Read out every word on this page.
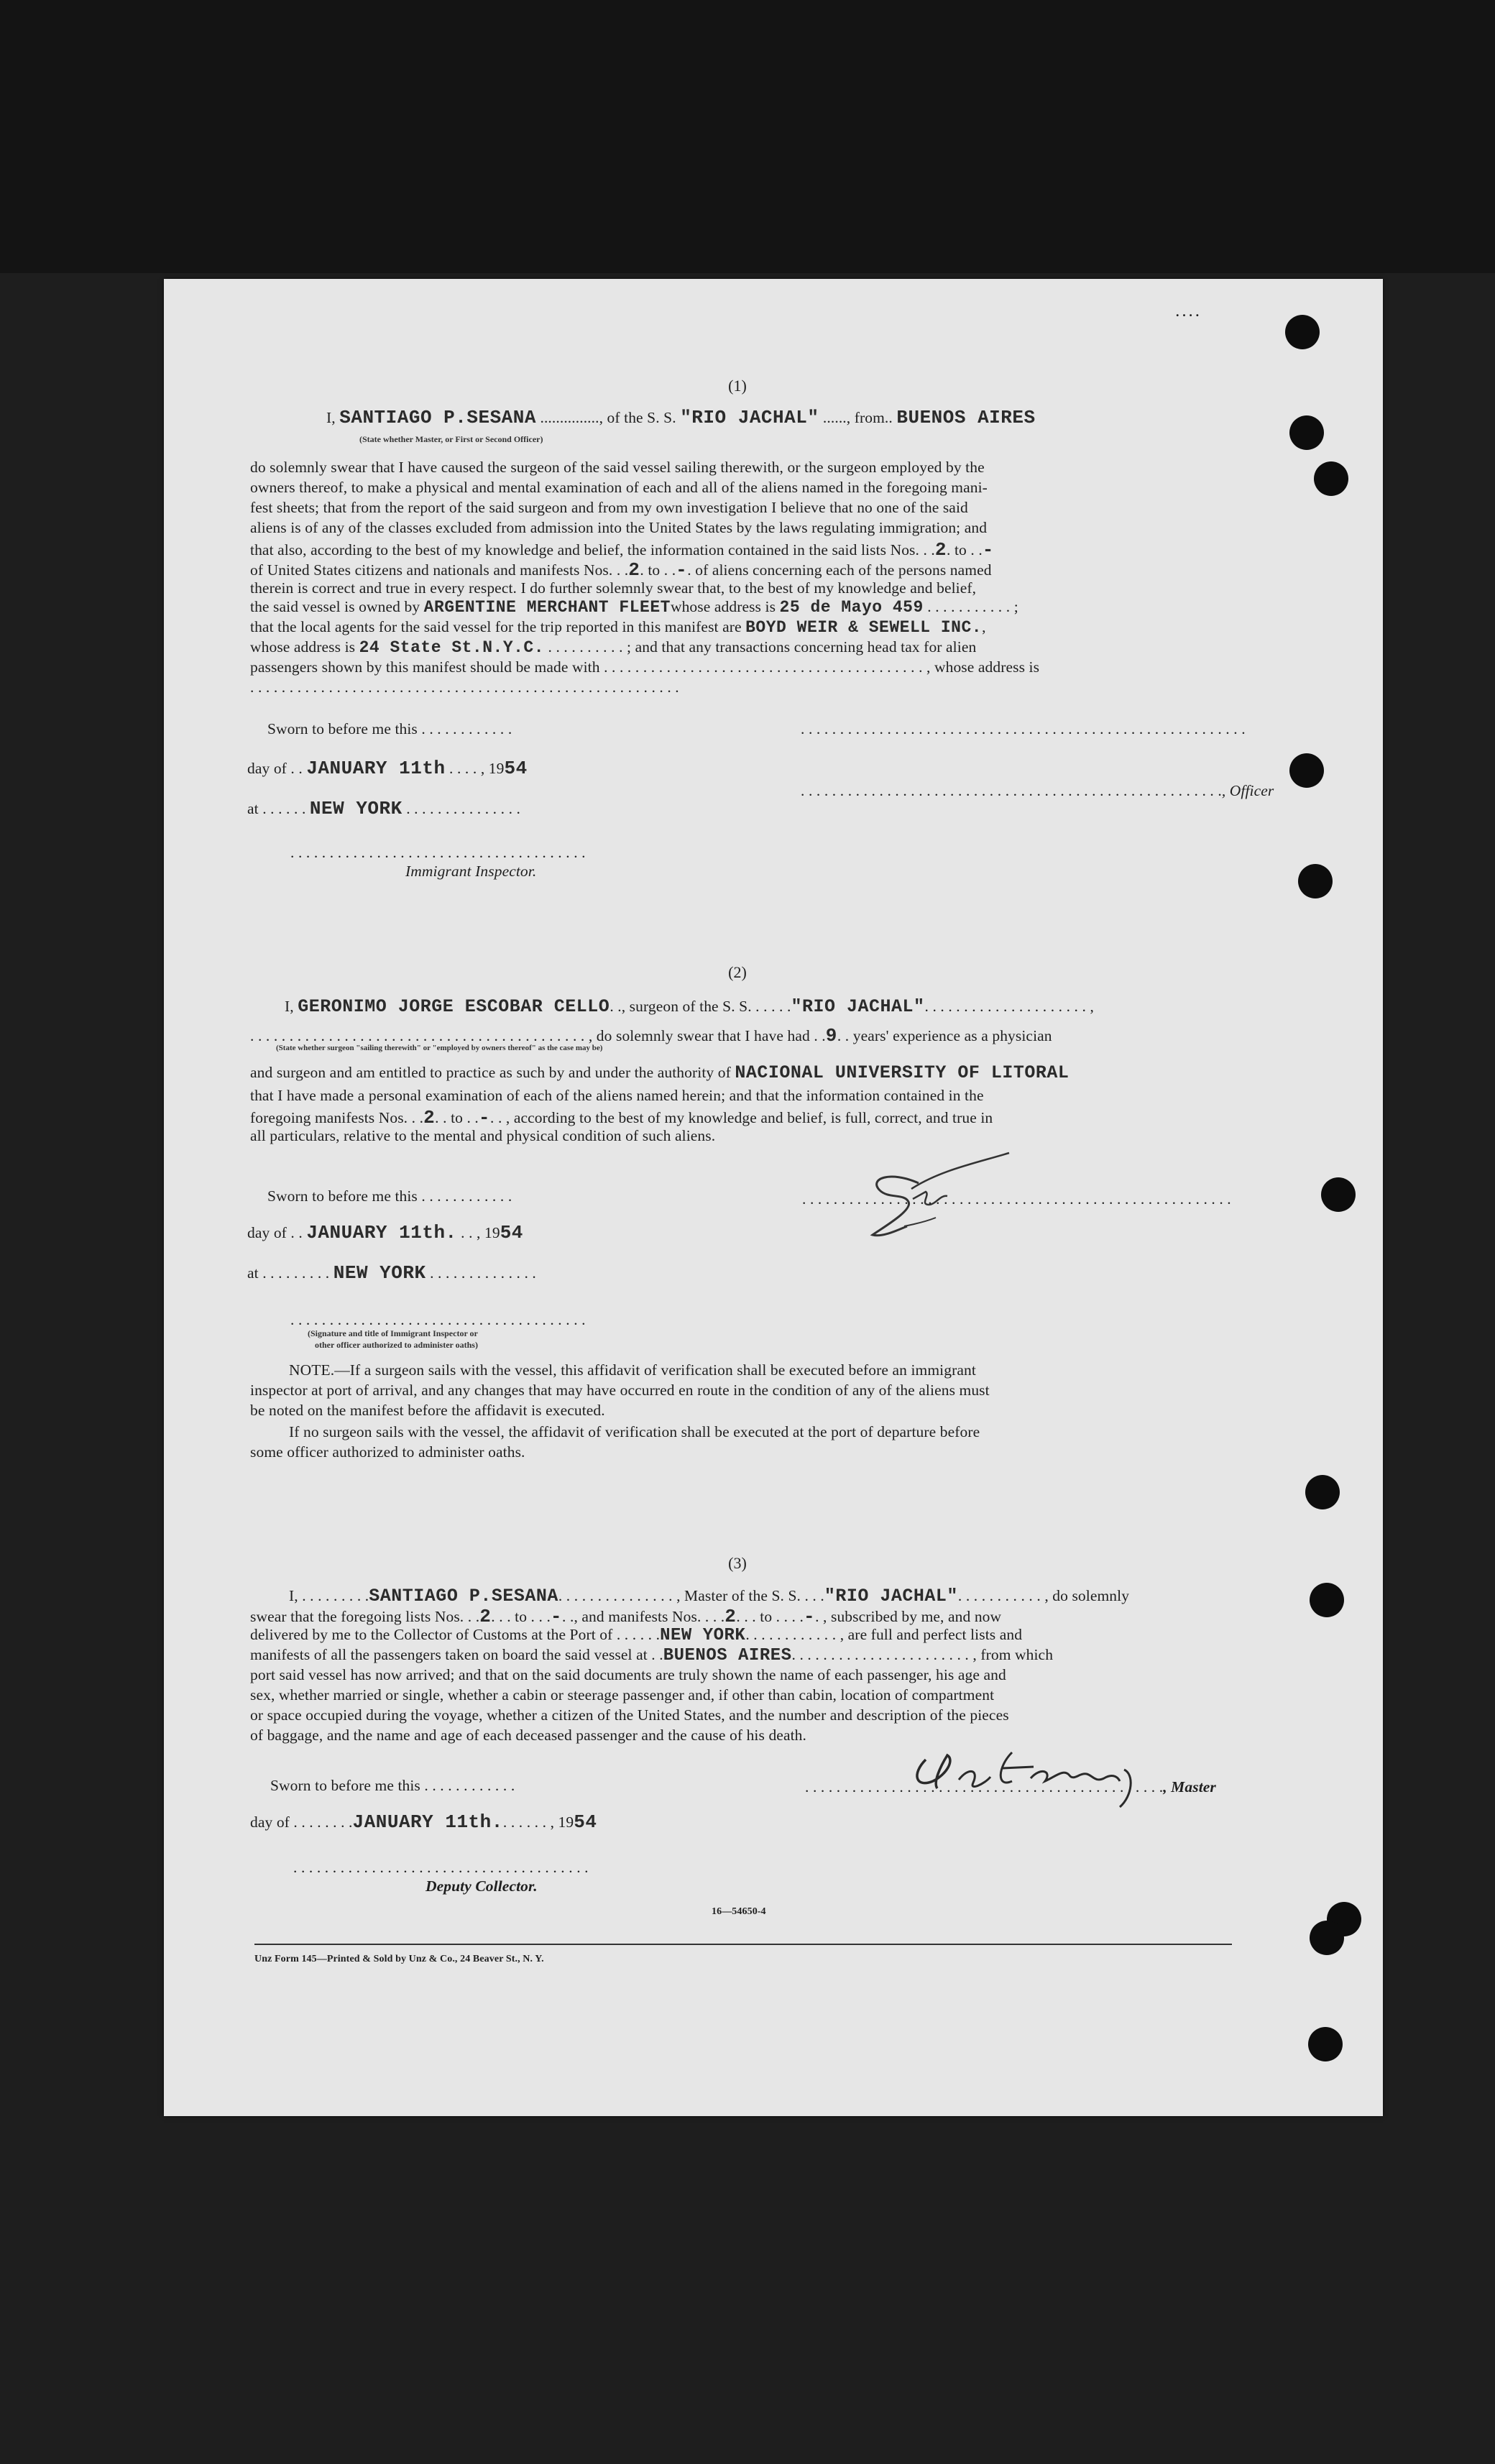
. . . .
(1)
I, SANTIAGO P.SESANA ..............., of the S. S. "RIO JACHAL" ......, from.. BUENOS AIRES
(State whether Master, or First or Second Officer)
do solemnly swear that I have caused the surgeon of the said vessel sailing therewith, or the surgeon employed by the
owners thereof, to make a physical and mental examination of each and all of the aliens named in the foregoing mani-
fest sheets; that from the report of the said surgeon and from my own investigation I believe that no one of the said
aliens is of any of the classes excluded from admission into the United States by the laws regulating immigration; and
that also, according to the best of my knowledge and belief, the information contained in the said lists Nos. . .2. to . .-
of United States citizens and nationals and manifests Nos. . .2. to . .-. of aliens concerning each of the persons named
therein is correct and true in every respect. I do further solemnly swear that, to the best of my knowledge and belief,
the said vessel is owned by ARGENTINE MERCHANT FLEETwhose address is 25 de Mayo 459 . . . . . . . . . . . ;
that the local agents for the said vessel for the trip reported in this manifest are BOYD WEIR & SEWELL INC.,
whose address is 24 State St.N.Y.C. . . . . . . . . . . ; and that any transactions concerning head tax for alien
passengers shown by this manifest should be made with . . . . . . . . . . . . . . . . . . . . . . . . . . . . . . . . . . . . . . . . . , whose address is
. . . . . . . . . . . . . . . . . . . . . . . . . . . . . . . . . . . . . . . . . . . . . . . . . . . . . . .
Sworn to before me this . . . . . . . . . . . .
day of . . JANUARY 11th . . . . , 1954
at . . . . . . NEW YORK . . . . . . . . . . . . . . .
. . . . . . . . . . . . . . . . . . . . . . . . . . . . . . . . . . . . . .
Immigrant Inspector.
. . . . . . . . . . . . . . . . . . . . . . . . . . . . . . . . . . . . . . . . . . . . . . . . . . . . . . . . .
. . . . . . . . . . . . . . . . . . . . . . . . . . . . . . . . . . . . . . . . . . . . . . . . . . . . . ., Officer
(2)
I, GERONIMO JORGE ESCOBAR CELLO. ., surgeon of the S. S. . . . . ."RIO JACHAL". . . . . . . . . . . . . . . . . . . . . ,
. . . . . . . . . . . . . . . . . . . . . . . . . . . . . . . . . . . . . . . . . . . , do solemnly swear that I have had . .9. . years' experience as a physician
(State whether surgeon "sailing therewith" or "employed by owners thereof" as the case may be)
and surgeon and am entitled to practice as such by and under the authority of NACIONAL UNIVERSITY OF LITORAL
that I have made a personal examination of each of the aliens named herein; and that the information contained in the
foregoing manifests Nos. . .2. . to . .-. . , according to the best of my knowledge and belief, is full, correct, and true in
all particulars, relative to the mental and physical condition of such aliens.
Sworn to before me this . . . . . . . . . . . .
day of . . JANUARY 11th. . . , 1954
at . . . . . . . . . NEW YORK . . . . . . . . . . . . . .
. . . . . . . . . . . . . . . . . . . . . . . . . . . . . . . . . . . . . .
(Signature and title of Immigrant Inspector or
other officer authorized to administer oaths)
. . . . . . . . . . . . . . . . . . . . . . . . . . . . . . . . . . . . . . . . . . . . . . . . . . . . . . .
NOTE.—If a surgeon sails with the vessel, this affidavit of verification shall be executed before an immigrant
inspector at port of arrival, and any changes that may have occurred en route in the condition of any of the aliens must
be noted on the manifest before the affidavit is executed.
If no surgeon sails with the vessel, the affidavit of verification shall be executed at the port of departure before
some officer authorized to administer oaths.
(3)
I, . . . . . . . . .SANTIAGO P.SESANA. . . . . . . . . . . . . . . , Master of the S. S. . . ."RIO JACHAL". . . . . . . . . . . , do solemnly
swear that the foregoing lists Nos. . .2. . . to . . .-. ., and manifests Nos. . . .2. . . to . . . .-. , subscribed by me, and now
delivered by me to the Collector of Customs at the Port of . . . . . .NEW YORK. . . . . . . . . . . . , are full and perfect lists and
manifests of all the passengers taken on board the said vessel at . .BUENOS AIRES. . . . . . . . . . . . . . . . . . . . . . . , from which
port said vessel has now arrived; and that on the said documents are truly shown the name of each passenger, his age and
sex, whether married or single, whether a cabin or steerage passenger and, if other than cabin, location of compartment
or space occupied during the voyage, whether a citizen of the United States, and the number and description of the pieces
of baggage, and the name and age of each deceased passenger and the cause of his death.
Sworn to before me this . . . . . . . . . . . .
day of . . . . . . . .JANUARY 11th.. . . . . . , 1954
. . . . . . . . . . . . . . . . . . . . . . . . . . . . . . . . . . . . . .
Deputy Collector.
. . . . . . . . . . . . . . . . . . . . . . . . . . . . . . . . . . . . . . . . . . . . . ., Master
16—54650-4
Unz Form 145—Printed & Sold by Unz & Co., 24 Beaver St., N. Y.
